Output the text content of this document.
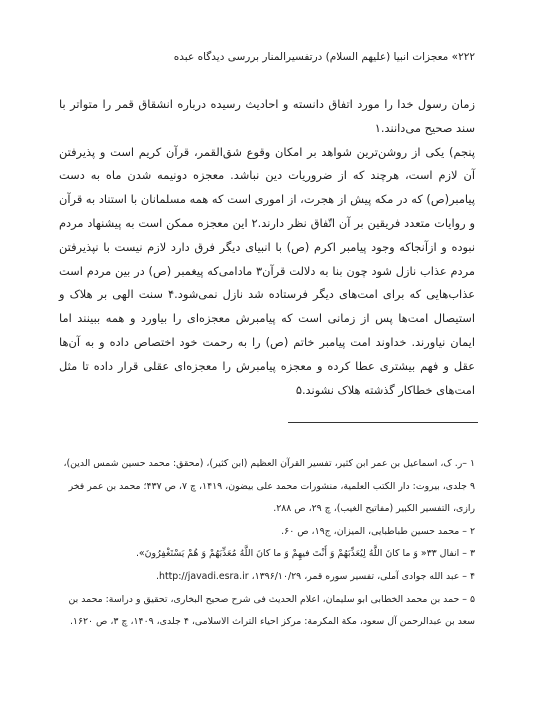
۲۲۲» معجزات انبیا (علیهم السلام) درتفسیرالمنار بررسی دیدگاه عبده

زمان رسول خدا را مورد اتفاق دانسته و احادیث رسیده درباره انشقاق قمر را متواتر با سند صحیح می‌دانند.۱

پنجم) یکی از روشن‌ترین شواهد بر امکان وقوع شق‌القمر، قرآن کریم است و پذیرفتن آن لازم است، هرچند که از ضروریات دین نباشد. معجزه دونیمه شدن ماه به دست پیامبر(ص) که در مکه پیش از هجرت، از اموری است که همه مسلمانان با استناد به قرآن و روایات متعدد فریقین بر آن اتّفاق نظر دارند.۲ این معجزه ممکن است به پیشنهاد مردم نبوده و ازآنجاکه وجود پیامبر اکرم (ص) با انبیای دیگر فرق دارد لازم نیست با نپذیرفتن مردم عذاب نازل شود چون بنا به دلالت قرآن۳ مادامی‌که پیغمبر (ص) در بین مردم است عذاب‌هایی که برای امت‌های دیگر فرستاده شد نازل نمی‌شود.۴ سنت الهی بر هلاک و استیصال امت‌ها پس از زمانی است که پیامبرش معجزه‌ای را بیاورد و همه ببینند اما ایمان نیاورند. خداوند امت پیامبر خاتم (ص) را به رحمت خود اختصاص داده و به آن‌ها عقل و فهم بیشتری عطا کرده و معجزه پیامبرش را معجزه‌ای عقلی قرار داده تا مثل امت‌های خطاکار گذشته هلاک نشوند.۵

۱ –ر. ک، اسماعیل بن عمر ابن کثیر، تفسیر القرآن العظیم (ابن کثیر)، (محقق: محمد حسین شمس الدین)،
۹ جلدی، بیروت: دار الکتب العلمیة، منشورات محمد علی بیضون، ۱۴۱۹، چ ۷، ص ۴۳۷؛ محمد بن عمر فخر
رازی، التفسیر الکبیر (مفاتیح الغیب)، چ ۲۹، ص ۲۸۸.
۲ – محمد حسین طباطبایی، المیزان، ج۱۹، ص ۶۰.
۳ – انفال ۳۳« وَ ما کانَ اللَّهُ لِیُعَذِّبَهُمْ وَ أَنْتَ فیهِمْ وَ ما کانَ اللَّهُ مُعَذِّبَهُمْ وَ هُمْ یَسْتَغْفِرُونَ».
۴ – عبد الله جوادی آملی، تفسیر سوره قمر، ۱۳۹۶/۱۰/۲۹، http://javadi.esra.ir.
۵ – حمد بن محمد الخطابی ابو سلیمان، اعلام الحدیث فی شرح صحیح البخاری، تحقیق و دراسة: محمد بن
سعد بن عبدالرحمن آل سعود، مکة المکرمة: مرکز احیاء التراث الاسلامی، ۴ جلدی، ۱۴۰۹، چ ۳، ص ۱۶۲۰.
